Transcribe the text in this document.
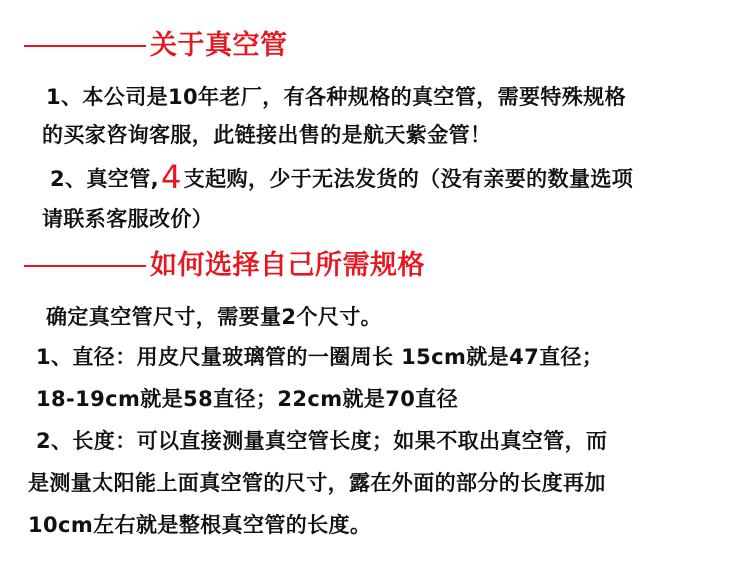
关于真空管
1、本公司是10年老厂，有各种规格的真空管，需要特殊规格
的买家咨询客服，此链接出售的是航天紫金管！
2、真空管,4支起购，少于无法发货的（没有亲要的数量选项
请联系客服改价）
如何选择自己所需规格
确定真空管尺寸，需要量2个尺寸。
1、直径：用皮尺量玻璃管的一圈周长 15cm就是47直径；
18-19cm就是58直径；22cm就是70直径
2、长度：可以直接测量真空管长度；如果不取出真空管，而
是测量太阳能上面真空管的尺寸，露在外面的部分的长度再加
10cm左右就是整根真空管的长度。
